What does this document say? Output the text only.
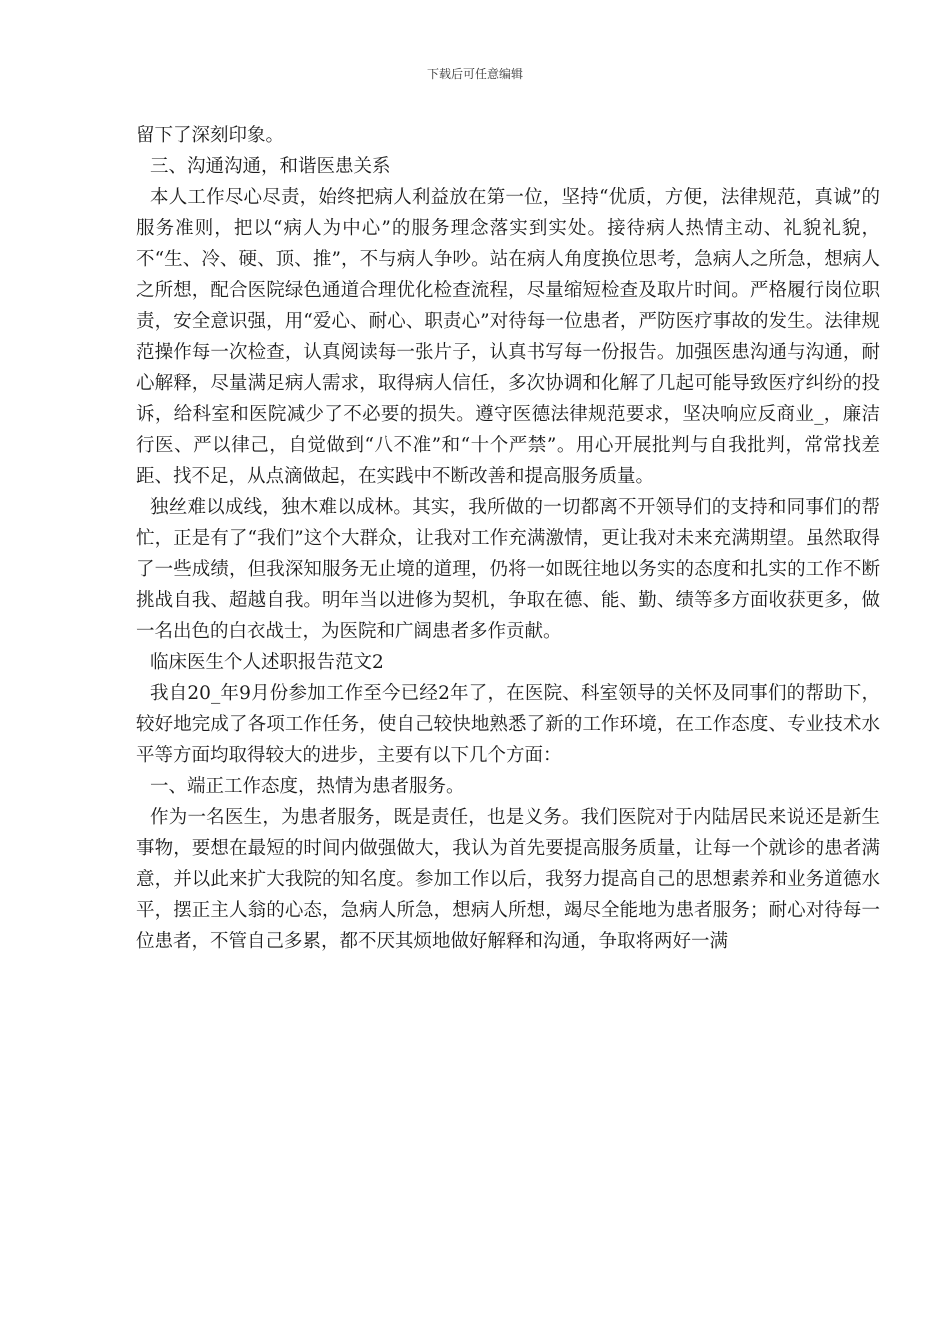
下载后可任意编辑

留下了深刻印象。

三、沟通沟通，和谐医患关系

本人工作尽心尽责，始终把病人利益放在第一位，坚持“优质，方便，法律规范，真诚”的服务准则，把以“病人为中心”的服务理念落实到实处。接待病人热情主动、礼貌礼貌，不“生、冷、硬、顶、推”，不与病人争吵。站在病人角度换位思考，急病人之所急，想病人之所想，配合医院绿色通道合理优化检查流程，尽量缩短检查及取片时间。严格履行岗位职责，安全意识强，用“爱心、耐心、职责心”对待每一位患者，严防医疗事故的发生。法律规范操作每一次检查，认真阅读每一张片子，认真书写每一份报告。加强医患沟通与沟通，耐心解释，尽量满足病人需求，取得病人信任，多次协调和化解了几起可能导致医疗纠纷的投诉，给科室和医院减少了不必要的损失。遵守医德法律规范要求，坚决响应反商业_，廉洁行医、严以律己，自觉做到“八不准”和“十个严禁”。用心开展批判与自我批判，常常找差距、找不足，从点滴做起，在实践中不断改善和提高服务质量。

独丝难以成线，独木难以成林。其实，我所做的一切都离不开领导们的支持和同事们的帮忙，正是有了“我们”这个大群众，让我对工作充满激情，更让我对未来充满期望。虽然取得了一些成绩，但我深知服务无止境的道理，仍将一如既往地以务实的态度和扎实的工作不断挑战自我、超越自我。明年当以进修为契机，争取在德、能、勤、绩等多方面收获更多，做一名出色的白衣战士，为医院和广阔患者多作贡献。

临床医生个人述职报告范文2

我自20_年9月份参加工作至今已经2年了，在医院、科室领导的关怀及同事们的帮助下，较好地完成了各项工作任务，使自己较快地熟悉了新的工作环境，在工作态度、专业技术水平等方面均取得较大的进步，主要有以下几个方面：

一、端正工作态度，热情为患者服务。

作为一名医生，为患者服务，既是责任，也是义务。我们医院对于内陆居民来说还是新生事物，要想在最短的时间内做强做大，我认为首先要提高服务质量，让每一个就诊的患者满意，并以此来扩大我院的知名度。参加工作以后，我努力提高自己的思想素养和业务道德水平，摆正主人翁的心态，急病人所急，想病人所想，竭尽全能地为患者服务；耐心对待每一位患者，不管自己多累，都不厌其烦地做好解释和沟通，争取将两好一满
